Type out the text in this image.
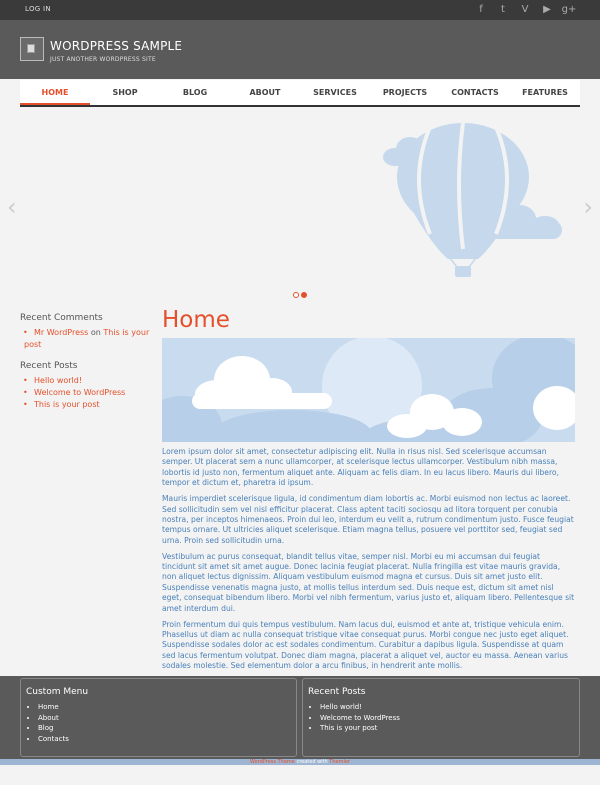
LOG IN	f	t	V	▶	g+
WORDPRESS SAMPLE
JUST ANOTHER WORDPRESS SITE
HOME	SHOP	BLOG	ABOUT	SERVICES	PROJECTS	CONTACTS	FEATURES
‹	›
Recent Comments
• Mr WordPress on This is your post
Recent Posts
• Hello world!
• Welcome to WordPress
• This is your post
Home

Lorem ipsum dolor sit amet, consectetur adipiscing elit. Nulla in risus nisl. Sed scelerisque accumsan semper. Ut placerat sem a nunc ullamcorper, at scelerisque lectus ullamcorper. Vestibulum nibh massa, lobortis id justo non, fermentum aliquet ante. Aliquam ac felis diam. In eu lacus libero. Mauris dui libero, tempor et dictum et, pharetra id ipsum.

Mauris imperdiet scelerisque ligula, id condimentum diam lobortis ac. Morbi euismod non lectus ac laoreet. Sed sollicitudin sem vel nisl efficitur placerat. Class aptent taciti sociosqu ad litora torquent per conubia nostra, per inceptos himenaeos. Proin dui leo, interdum eu velit a, rutrum condimentum justo. Fusce feugiat tempus ornare. Ut ultricies aliquet scelerisque. Etiam magna tellus, posuere vel porttitor sed, feugiat sed urna. Proin sed sollicitudin urna.

Vestibulum ac purus consequat, blandit tellus vitae, semper nisl. Morbi eu mi accumsan dui feugiat tincidunt sit amet sit amet augue. Donec lacinia feugiat placerat. Nulla fringilla est vitae mauris gravida, non aliquet lectus dignissim. Aliquam vestibulum euismod magna et cursus. Duis sit amet justo elit. Suspendisse venenatis magna justo, at mollis tellus interdum sed. Duis neque est, dictum sit amet nisl eget, consequat bibendum libero. Morbi vel nibh fermentum, varius justo et, aliquam libero. Pellentesque sit amet interdum dui.

Proin fermentum dui quis tempus vestibulum. Nam lacus dui, euismod et ante at, tristique vehicula enim. Phasellus ut diam ac nulla consequat tristique vitae consequat purus. Morbi congue nec justo eget aliquet. Suspendisse sodales dolor ac est sodales condimentum. Curabitur a dapibus ligula. Suspendisse at quam sed lacus fermentum volutpat. Donec diam magna, placerat a aliquet vel, auctor eu massa. Aenean varius sodales molestie. Sed elementum dolor a arcu finibus, in hendrerit ante mollis.

Custom Menu
• Home
• About
• Blog
• Contacts
Recent Posts
• Hello world!
• Welcome to WordPress
• This is your post
WordPress Theme created with Themler
